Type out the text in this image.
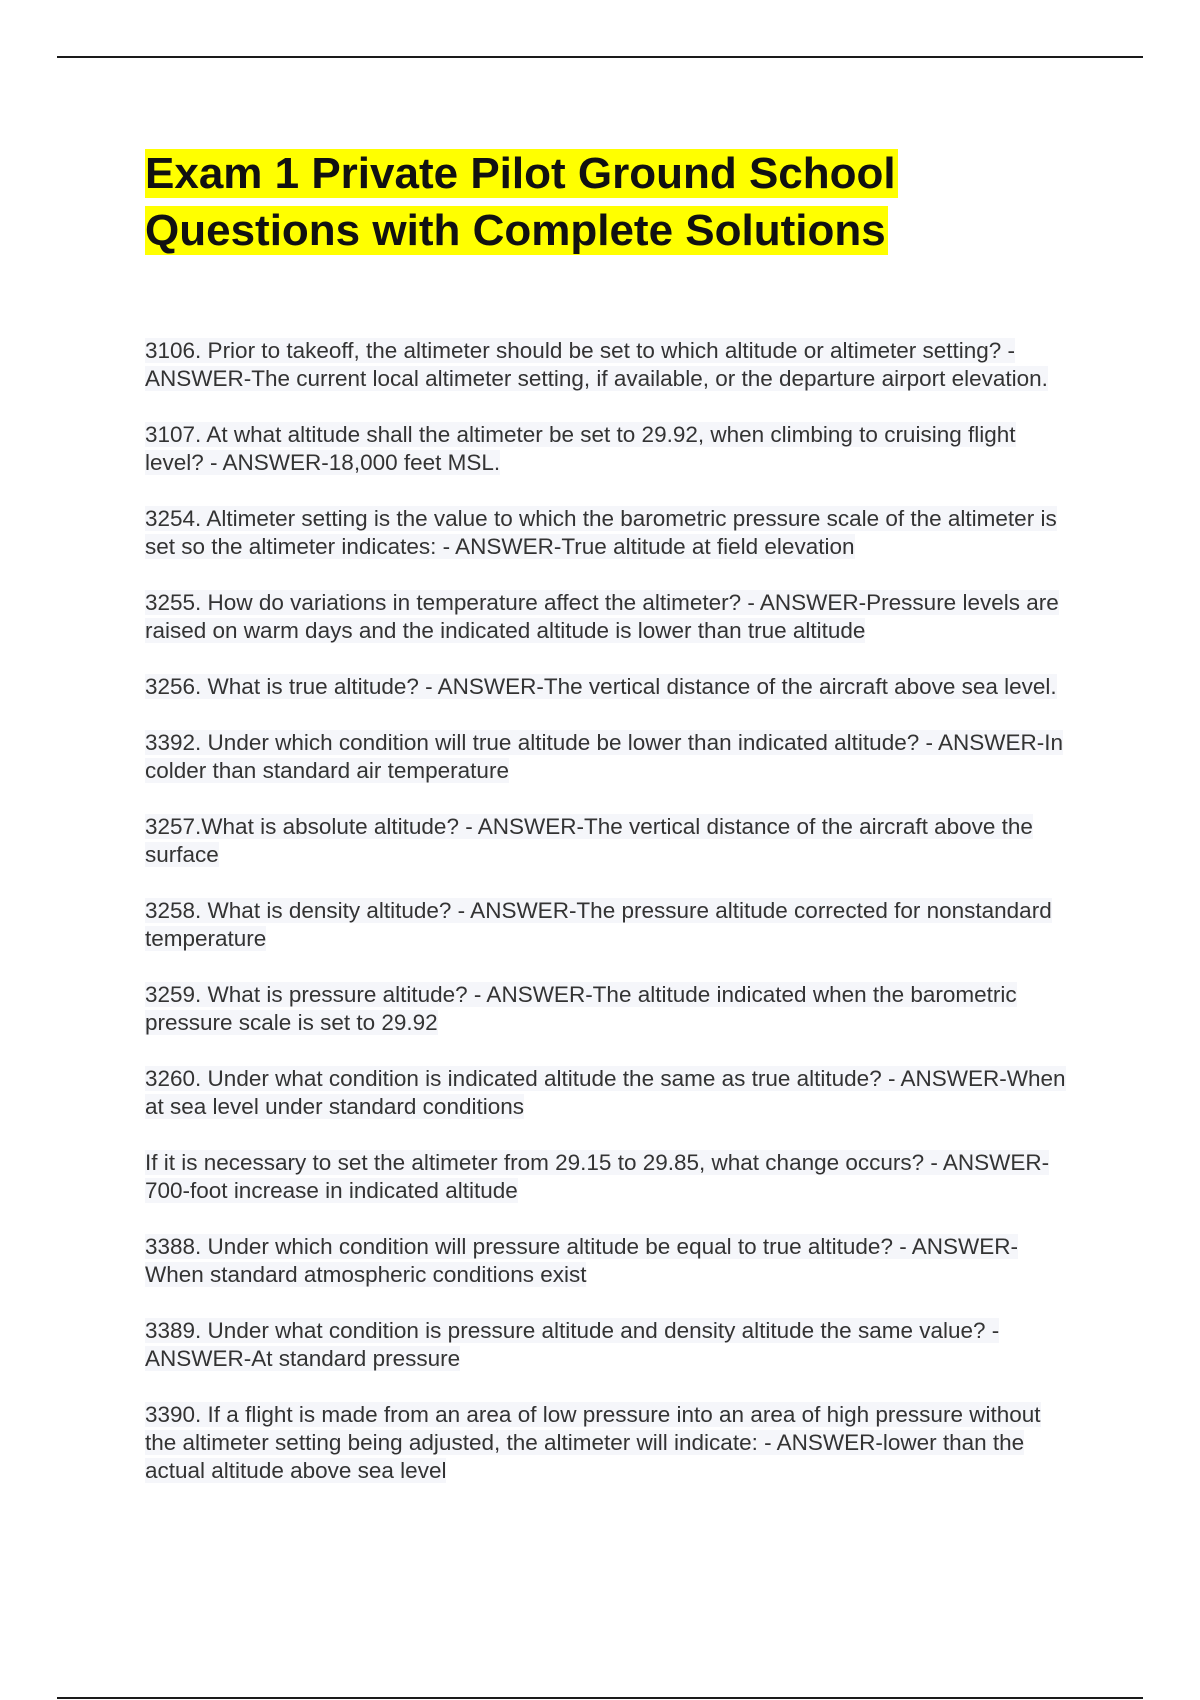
Exam 1 Private Pilot Ground School Questions with Complete Solutions

3106. Prior to takeoff, the altimeter should be set to which altitude or altimeter setting? - ANSWER-The current local altimeter setting, if available, or the departure airport elevation.

3107. At what altitude shall the altimeter be set to 29.92, when climbing to cruising flight level? - ANSWER-18,000 feet MSL.

3254. Altimeter setting is the value to which the barometric pressure scale of the altimeter is set so the altimeter indicates: - ANSWER-True altitude at field elevation

3255. How do variations in temperature affect the altimeter? - ANSWER-Pressure levels are raised on warm days and the indicated altitude is lower than true altitude

3256. What is true altitude? - ANSWER-The vertical distance of the aircraft above sea level.

3392. Under which condition will true altitude be lower than indicated altitude? - ANSWER-In colder than standard air temperature

3257.What is absolute altitude? - ANSWER-The vertical distance of the aircraft above the surface

3258. What is density altitude? - ANSWER-The pressure altitude corrected for nonstandard temperature

3259. What is pressure altitude? - ANSWER-The altitude indicated when the barometric pressure scale is set to 29.92

3260. Under what condition is indicated altitude the same as true altitude? - ANSWER-When at sea level under standard conditions

If it is necessary to set the altimeter from 29.15 to 29.85, what change occurs? - ANSWER-700-foot increase in indicated altitude

3388. Under which condition will pressure altitude be equal to true altitude? - ANSWER-When standard atmospheric conditions exist

3389. Under what condition is pressure altitude and density altitude the same value? - ANSWER-At standard pressure

3390. If a flight is made from an area of low pressure into an area of high pressure without the altimeter setting being adjusted, the altimeter will indicate: - ANSWER-lower than the actual altitude above sea level
